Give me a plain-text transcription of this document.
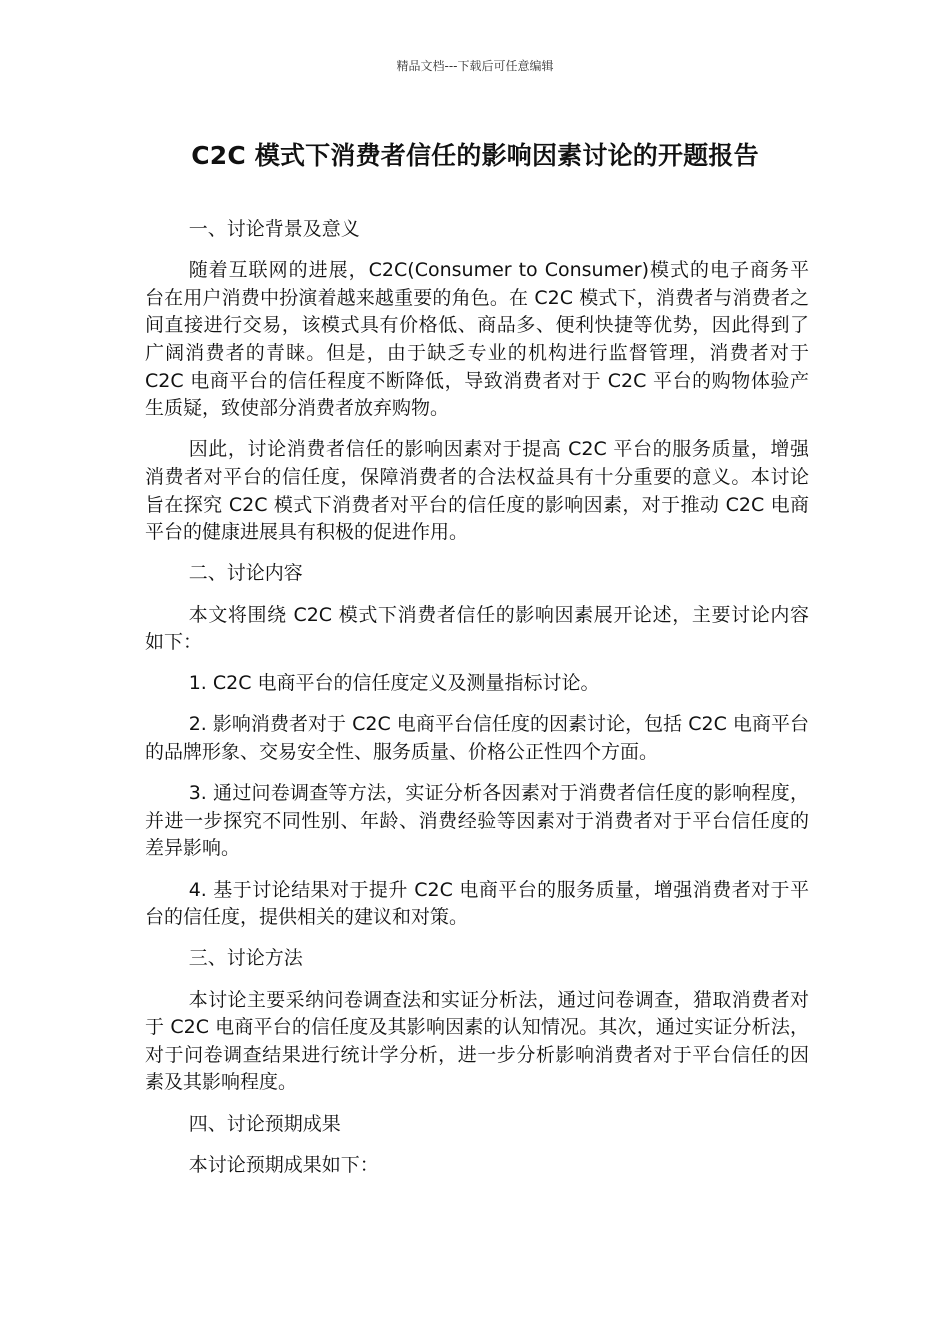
精品文档---下载后可任意编辑
C2C 模式下消费者信任的影响因素讨论的开题报告

一、讨论背景及意义

随着互联网的进展，C2C(Consumer to Consumer)模式的电子商务平台在用户消费中扮演着越来越重要的角色。在 C2C 模式下，消费者与消费者之间直接进行交易，该模式具有价格低、商品多、便利快捷等优势，因此得到了广阔消费者的青睐。但是，由于缺乏专业的机构进行监督管理，消费者对于 C2C 电商平台的信任程度不断降低，导致消费者对于 C2C 平台的购物体验产生质疑，致使部分消费者放弃购物。

因此，讨论消费者信任的影响因素对于提高 C2C 平台的服务质量，增强消费者对平台的信任度，保障消费者的合法权益具有十分重要的意义。本讨论旨在探究 C2C 模式下消费者对平台的信任度的影响因素，对于推动 C2C 电商平台的健康进展具有积极的促进作用。

二、讨论内容

本文将围绕 C2C 模式下消费者信任的影响因素展开论述，主要讨论内容如下：

1. C2C 电商平台的信任度定义及测量指标讨论。

2. 影响消费者对于 C2C 电商平台信任度的因素讨论，包括 C2C 电商平台的品牌形象、交易安全性、服务质量、价格公正性四个方面。

3. 通过问卷调查等方法，实证分析各因素对于消费者信任度的影响程度，并进一步探究不同性别、年龄、消费经验等因素对于消费者对于平台信任度的差异影响。

4. 基于讨论结果对于提升 C2C 电商平台的服务质量，增强消费者对于平台的信任度，提供相关的建议和对策。

三、讨论方法

本讨论主要采纳问卷调查法和实证分析法，通过问卷调查，猎取消费者对于 C2C 电商平台的信任度及其影响因素的认知情况。其次，通过实证分析法，对于问卷调查结果进行统计学分析，进一步分析影响消费者对于平台信任的因素及其影响程度。

四、讨论预期成果

本讨论预期成果如下：
